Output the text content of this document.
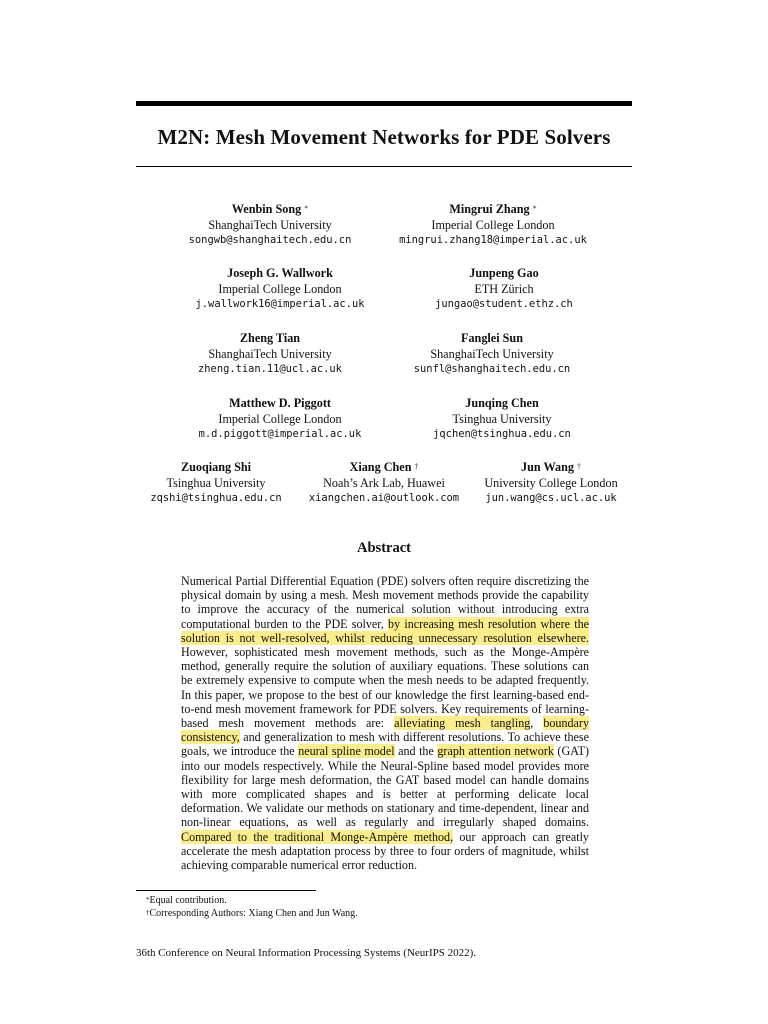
M2N: Mesh Movement Networks for PDE Solvers
Wenbin Song *
ShanghaiTech University
songwb@shanghaitech.edu.cn
Mingrui Zhang *
Imperial College London
mingrui.zhang18@imperial.ac.uk
Joseph G. Wallwork
Imperial College London
j.wallwork16@imperial.ac.uk
Junpeng Gao
ETH Zürich
jungao@student.ethz.ch
Zheng Tian
ShanghaiTech University
zheng.tian.11@ucl.ac.uk
Fanglei Sun
ShanghaiTech University
sunfl@shanghaitech.edu.cn
Matthew D. Piggott
Imperial College London
m.d.piggott@imperial.ac.uk
Junqing Chen
Tsinghua University
jqchen@tsinghua.edu.cn
Zuoqiang Shi
Tsinghua University
zqshi@tsinghua.edu.cn
Xiang Chen †
Noah’s Ark Lab, Huawei
xiangchen.ai@outlook.com
Jun Wang †
University College London
jun.wang@cs.ucl.ac.uk
Abstract
Numerical Partial Differential Equation (PDE) solvers often require discretizing the physical domain by using a mesh. Mesh movement methods provide the capability to improve the accuracy of the numerical solution without introducing extra computational burden to the PDE solver, by increasing mesh resolution where the solution is not well-resolved, whilst reducing unnecessary resolution elsewhere. However, sophisticated mesh movement methods, such as the Monge-Ampère method, generally require the solution of auxiliary equations. These solutions can be extremely expensive to compute when the mesh needs to be adapted frequently. In this paper, we propose to the best of our knowledge the first learning-based end-to-end mesh movement framework for PDE solvers. Key requirements of learning-based mesh movement methods are: alleviating mesh tangling, boundary consistency, and generalization to mesh with different resolutions. To achieve these goals, we introduce the neural spline model and the graph attention network (GAT) into our models respectively. While the Neural-Spline based model provides more flexibility for large mesh deformation, the GAT based model can handle domains with more complicated shapes and is better at performing delicate local deformation. We validate our methods on stationary and time-dependent, linear and non-linear equations, as well as regularly and irregularly shaped domains. Compared to the traditional Monge-Ampère method, our approach can greatly accelerate the mesh adaptation process by three to four orders of magnitude, whilst achieving comparable numerical error reduction.
*Equal contribution.
†Corresponding Authors: Xiang Chen and Jun Wang.
36th Conference on Neural Information Processing Systems (NeurIPS 2022).
